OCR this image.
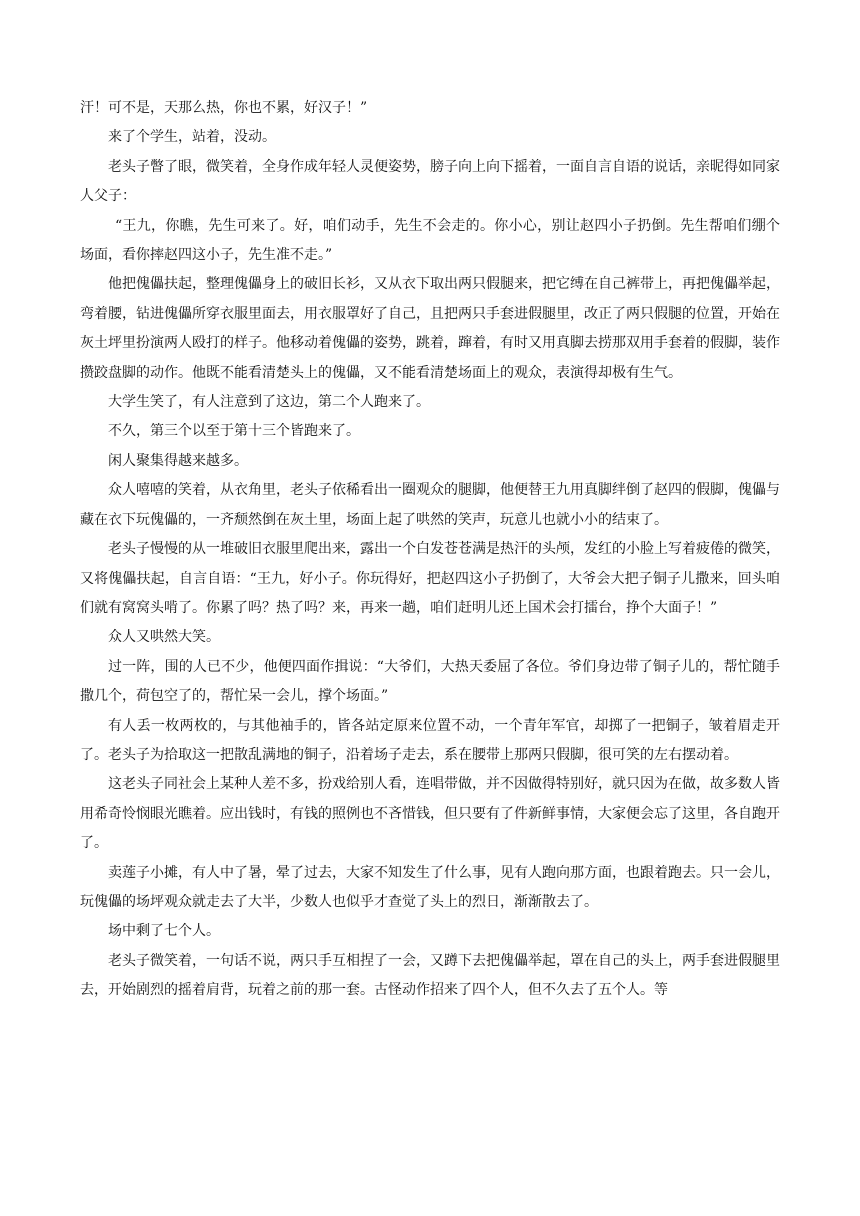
汗！可不是，天那么热，你也不累，好汉子！”

来了个学生，站着，没动。

老头子瞥了眼，微笑着，全身作成年轻人灵便姿势，膀子向上向下摇着，一面自言自语的说话，亲昵得如同家人父子：

“王九，你瞧，先生可来了。好，咱们动手，先生不会走的。你小心，别让赵四小子扔倒。先生帮咱们绷个场面，看你摔赵四这小子，先生准不走。”

他把傀儡扶起，整理傀儡身上的破旧长衫，又从衣下取出两只假腿来，把它缚在自己裤带上，再把傀儡举起，弯着腰，钻进傀儡所穿衣服里面去，用衣服罩好了自己，且把两只手套进假腿里，改正了两只假腿的位置，开始在灰土坪里扮演两人殴打的样子。他移动着傀儡的姿势，跳着，蹿着，有时又用真脚去捞那双用手套着的假脚，装作攒跤盘脚的动作。他既不能看清楚头上的傀儡，又不能看清楚场面上的观众，表演得却极有生气。

大学生笑了，有人注意到了这边，第二个人跑来了。

不久，第三个以至于第十三个皆跑来了。

闲人聚集得越来越多。

众人嘻嘻的笑着，从衣角里，老头子依稀看出一圈观众的腿脚，他便替王九用真脚绊倒了赵四的假脚，傀儡与藏在衣下玩傀儡的，一齐颓然倒在灰土里，场面上起了哄然的笑声，玩意儿也就小小的结束了。

老头子慢慢的从一堆破旧衣服里爬出来，露出一个白发苍苍满是热汗的头颅，发红的小脸上写着疲倦的微笑，又将傀儡扶起，自言自语：“王九，好小子。你玩得好，把赵四这小子扔倒了，大爷会大把子铜子儿撒来，回头咱们就有窝窝头啃了。你累了吗？热了吗？来，再来一趟，咱们赶明儿还上国术会打擂台，挣个大面子！”

众人又哄然大笑。

过一阵，围的人已不少，他便四面作揖说：“大爷们，大热天委屈了各位。爷们身边带了铜子儿的，帮忙随手撒几个，荷包空了的，帮忙呆一会儿，撑个场面。”

有人丢一枚两枚的，与其他袖手的，皆各站定原来位置不动，一个青年军官，却掷了一把铜子，皱着眉走开了。老头子为拾取这一把散乱满地的铜子，沿着场子走去，系在腰带上那两只假脚，很可笑的左右摆动着。

这老头子同社会上某种人差不多，扮戏给别人看，连唱带做，并不因做得特别好，就只因为在做，故多数人皆用希奇怜悯眼光瞧着。应出钱时，有钱的照例也不吝惜钱，但只要有了件新鲜事情，大家便会忘了这里，各自跑开了。

卖莲子小摊，有人中了暑，晕了过去，大家不知发生了什么事，见有人跑向那方面，也跟着跑去。只一会儿，玩傀儡的场坪观众就走去了大半，少数人也似乎才查觉了头上的烈日，渐渐散去了。

场中剩了七个人。

老头子微笑着，一句话不说，两只手互相捏了一会，又蹲下去把傀儡举起，罩在自己的头上，两手套进假腿里去，开始剧烈的摇着肩背，玩着之前的那一套。古怪动作招来了四个人，但不久去了五个人。等
